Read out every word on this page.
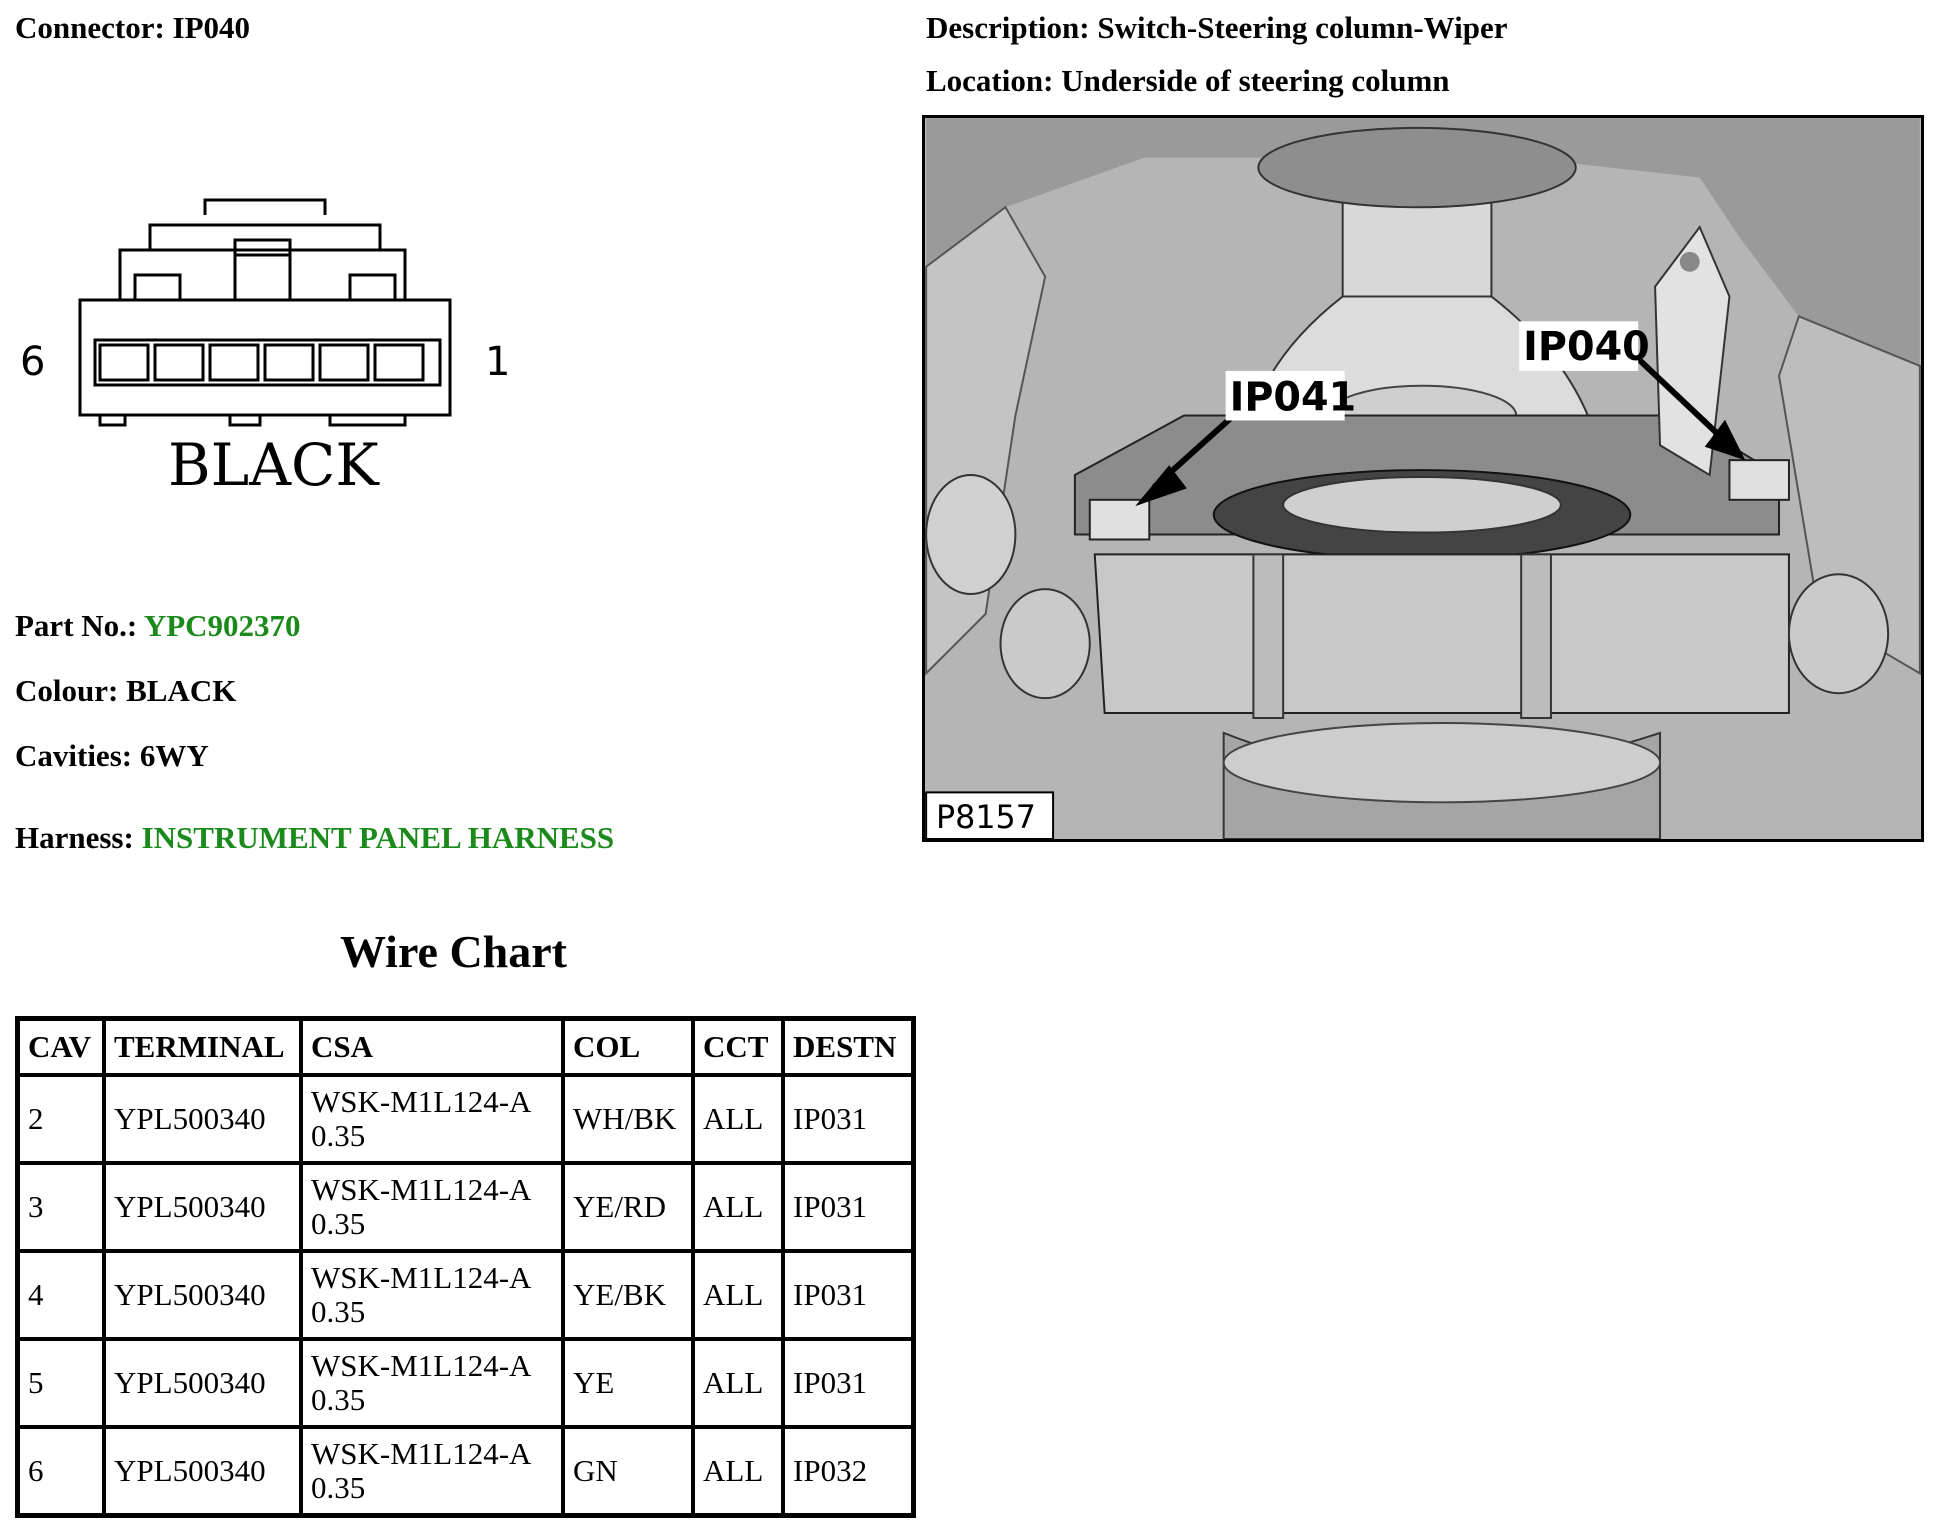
Connector: IP040	Description: Switch-Steering column-Wiper
Location: Underside of steering column
6	1
BLACK
IP041
IP040
P8157
Part No.: YPC902370
Colour: BLACK
Cavities: 6WY
Harness: INSTRUMENT PANEL HARNESS
Wire Chart
CAV	TERMINAL	CSA	COL	CCT	DESTN
2	YPL500340	WSK-M1L124-A
0.35	WH/BK	ALL	IP031
3	YPL500340	WSK-M1L124-A
0.35	YE/RD	ALL	IP031
4	YPL500340	WSK-M1L124-A
0.35	YE/BK	ALL	IP031
5	YPL500340	WSK-M1L124-A
0.35	YE	ALL	IP031
6	YPL500340	WSK-M1L124-A
0.35	GN	ALL	IP032
